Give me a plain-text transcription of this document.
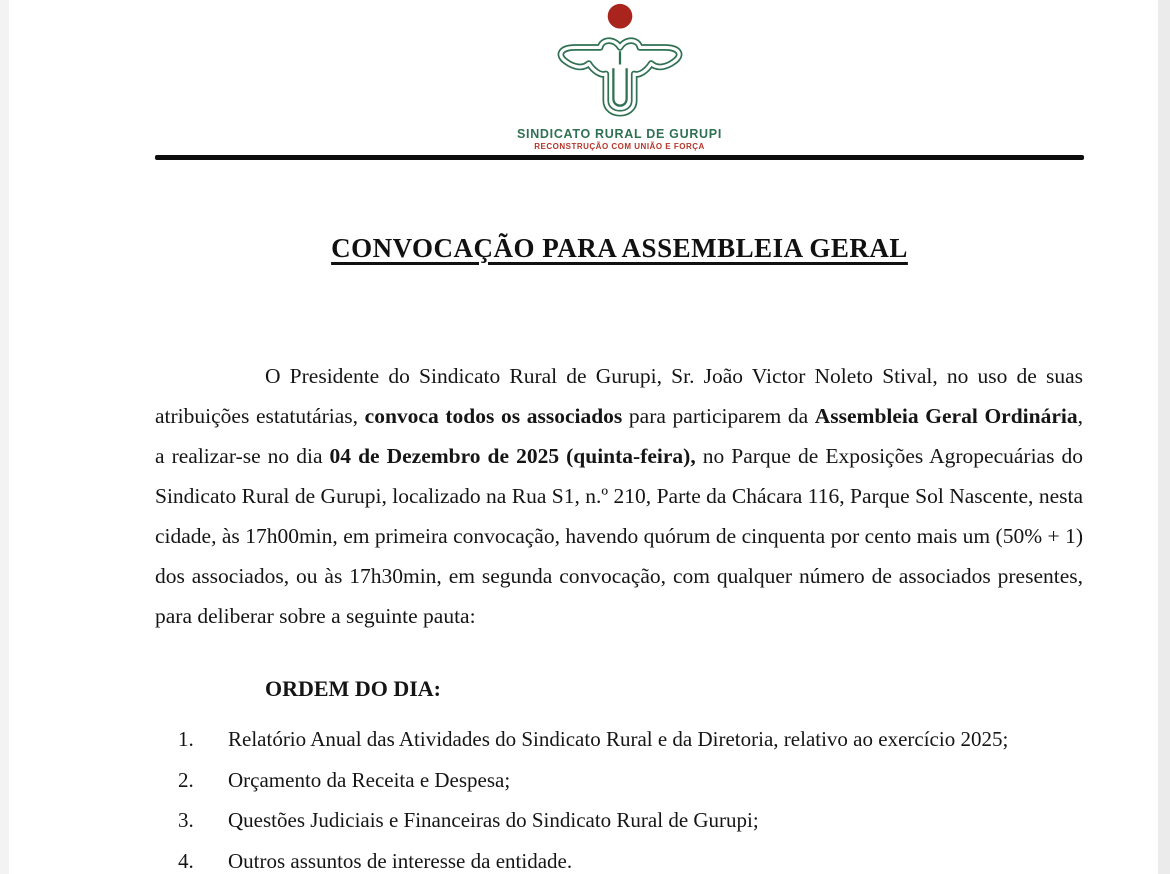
SINDICATO RURAL DE GURUPI
RECONSTRUÇÃO COM UNIÃO E FORÇA
CONVOCAÇÃO PARA ASSEMBLEIA GERAL

O Presidente do Sindicato Rural de Gurupi, Sr. João Victor Noleto Stival, no uso de suas atribuições estatutárias, convoca todos os associados para participarem da Assembleia Geral Ordinária, a realizar-se no dia 04 de Dezembro de 2025 (quinta-feira), no Parque de Exposições Agropecuárias do Sindicato Rural de Gurupi, localizado na Rua S1, n.º 210, Parte da Chácara 116, Parque Sol Nascente, nesta cidade, às 17h00min, em primeira convocação, havendo quórum de cinquenta por cento mais um (50% + 1) dos associados, ou às 17h30min, em segunda convocação, com qualquer número de associados presentes, para deliberar sobre a seguinte pauta:

ORDEM DO DIA:
1.	Relatório Anual das Atividades do Sindicato Rural e da Diretoria, relativo ao exercício 2025;
2.	Orçamento da Receita e Despesa;
3.	Questões Judiciais e Financeiras do Sindicato Rural de Gurupi;
4.	Outros assuntos de interesse da entidade.
